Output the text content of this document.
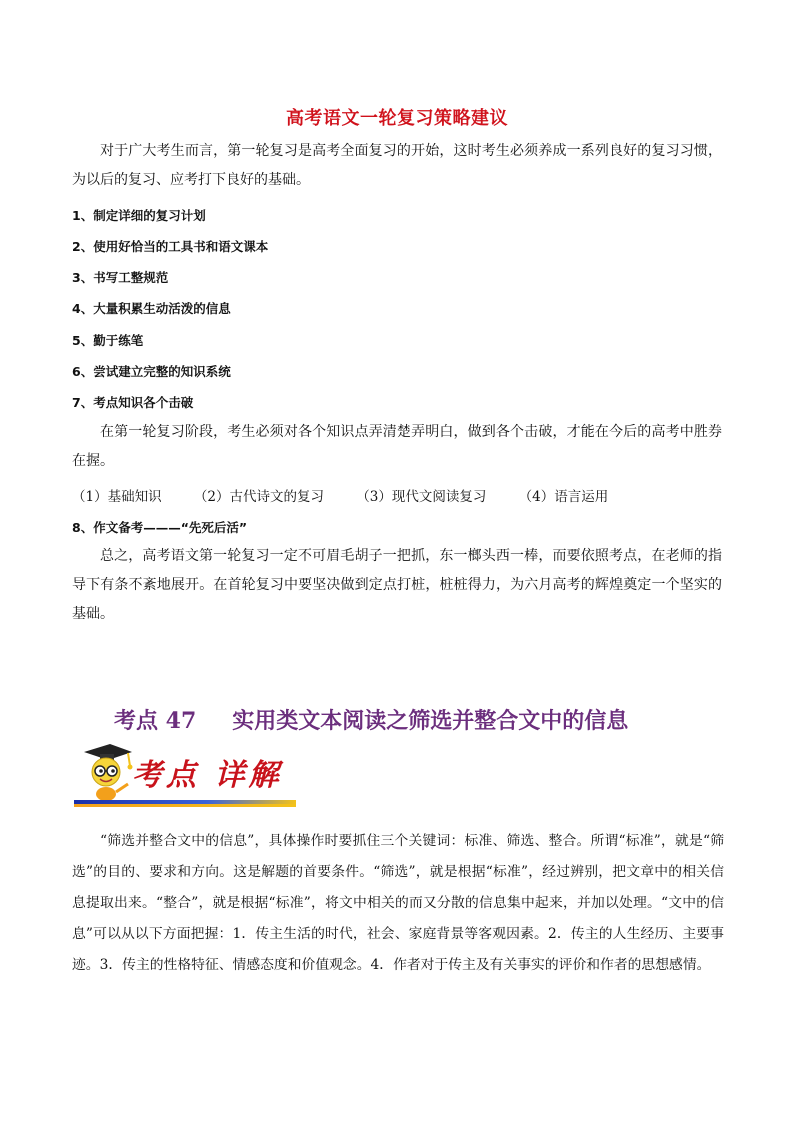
高考语文一轮复习策略建议
对于广大考生而言，第一轮复习是高考全面复习的开始，这时考生必须养成一系列良好的复习习惯，为以后的复习、应考打下良好的基础。
1、制定详细的复习计划
2、使用好恰当的工具书和语文课本
3、书写工整规范
4、大量积累生动活泼的信息
5、勤于练笔
6、尝试建立完整的知识系统
7、考点知识各个击破
在第一轮复习阶段，考生必须对各个知识点弄清楚弄明白，做到各个击破，才能在今后的高考中胜券在握。
（1）基础知识 （2）古代诗文的复习 （3）现代文阅读复习 （4）语言运用
8、作文备考———“先死后活”
总之，高考语文第一轮复习一定不可眉毛胡子一把抓，东一榔头西一棒，而要依照考点，在老师的指导下有条不紊地展开。在首轮复习中要坚决做到定点打桩，桩桩得力，为六月高考的辉煌奠定一个坚实的基础。
考点 47 实用类文本阅读之筛选并整合文中的信息
考点 详解
“筛选并整合文中的信息”，具体操作时要抓住三个关键词：标准、筛选、整合。所谓“标准”，就是“筛选”的目的、要求和方向。这是解题的首要条件。“筛选”，就是根据“标准”，经过辨别，把文章中的相关信息提取出来。“整合”，就是根据“标准”，将文中相关的而又分散的信息集中起来，并加以处理。“文中的信息”可以从以下方面把握：1．传主生活的时代，社会、家庭背景等客观因素。2．传主的人生经历、主要事迹。3．传主的性格特征、情感态度和价值观念。4．作者对于传主及有关事实的评价和作者的思想感情。
